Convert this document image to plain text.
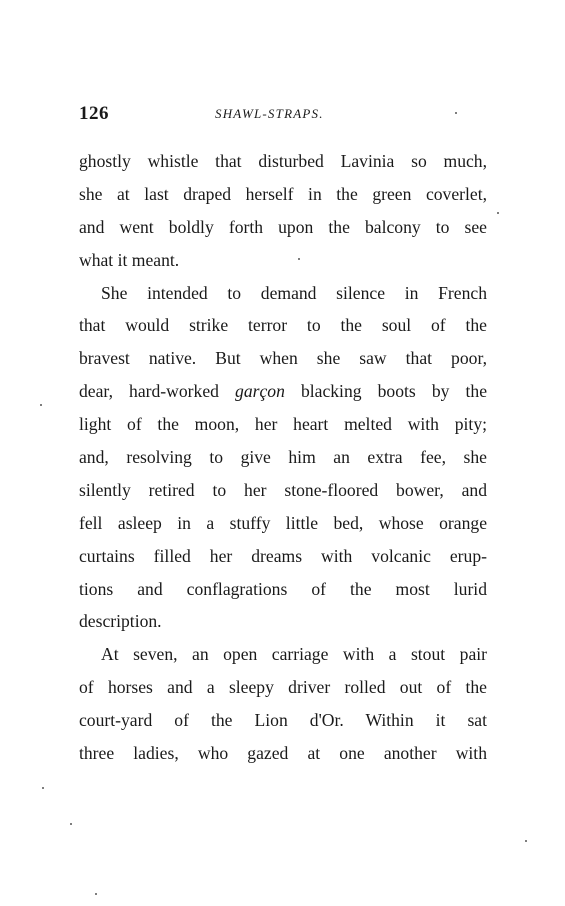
126	SHAWL-STRAPS.
ghostly whistle that disturbed Lavinia so much,
she at last draped herself in the green coverlet,
and went boldly forth upon the balcony to see
what it meant.
She intended to demand silence in French
that would strike terror to the soul of the
bravest native. But when she saw that poor,
dear, hard-worked garçon blacking boots by the
light of the moon, her heart melted with pity;
and, resolving to give him an extra fee, she
silently retired to her stone-floored bower, and
fell asleep in a stuffy little bed, whose orange
curtains filled her dreams with volcanic erup-
tions and conflagrations of the most lurid
description.
At seven, an open carriage with a stout pair
of horses and a sleepy driver rolled out of the
court-yard of the Lion d'Or. Within it sat
three ladies, who gazed at one another with
